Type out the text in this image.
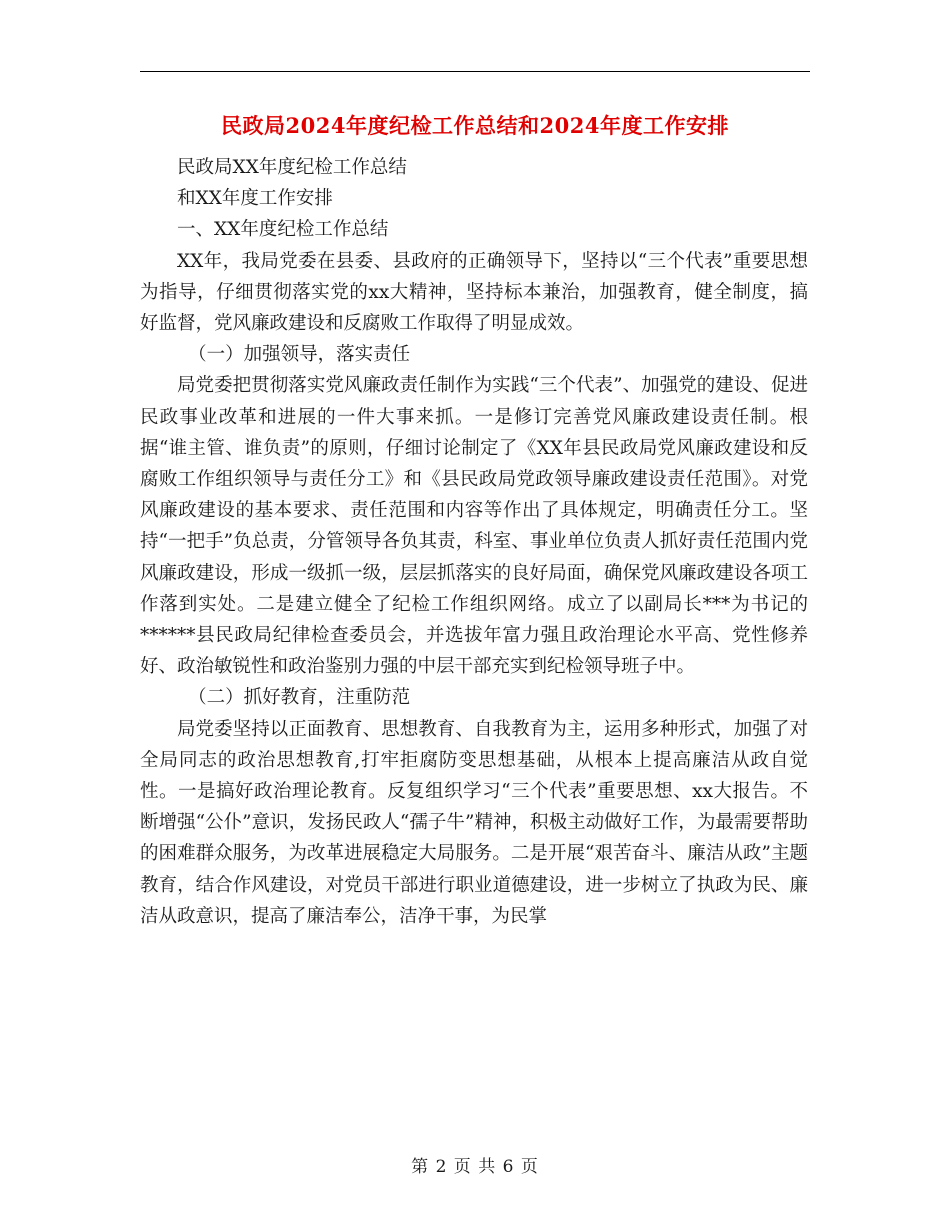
民政局2024年度纪检工作总结和2024年度工作安排

民政局XX年度纪检工作总结

和XX年度工作安排

一、XX年度纪检工作总结

XX年，我局党委在县委、县政府的正确领导下，坚持以“三个代表”重要思想为指导，仔细贯彻落实党的xx大精神，坚持标本兼治，加强教育，健全制度，搞好监督，党风廉政建设和反腐败工作取得了明显成效。

（一）加强领导，落实责任

局党委把贯彻落实党风廉政责任制作为实践“三个代表”、加强党的建设、促进民政事业改革和进展的一件大事来抓。一是修订完善党风廉政建设责任制。根据“谁主管、谁负责”的原则，仔细讨论制定了《XX年县民政局党风廉政建设和反腐败工作组织领导与责任分工》和《县民政局党政领导廉政建设责任范围》。对党风廉政建设的基本要求、责任范围和内容等作出了具体规定，明确责任分工。坚持“一把手”负总责，分管领导各负其责，科室、事业单位负责人抓好责任范围内党风廉政建设，形成一级抓一级，层层抓落实的良好局面，确保党风廉政建设各项工作落到实处。二是建立健全了纪检工作组织网络。成立了以副局长***为书记的******县民政局纪律检查委员会，并选拔年富力强且政治理论水平高、党性修养好、政治敏锐性和政治鉴别力强的中层干部充实到纪检领导班子中。

（二）抓好教育，注重防范

局党委坚持以正面教育、思想教育、自我教育为主，运用多种形式，加强了对全局同志的政治思想教育,打牢拒腐防变思想基础，从根本上提高廉洁从政自觉性。一是搞好政治理论教育。反复组织学习“三个代表”重要思想、xx大报告。不断增强“公仆”意识，发扬民政人“孺子牛”精神，积极主动做好工作，为最需要帮助的困难群众服务，为改革进展稳定大局服务。二是开展“艰苦奋斗、廉洁从政”主题教育，结合作风建设，对党员干部进行职业道德建设，进一步树立了执政为民、廉洁从政意识，提高了廉洁奉公，洁净干事，为民掌

第 2 页 共 6 页
